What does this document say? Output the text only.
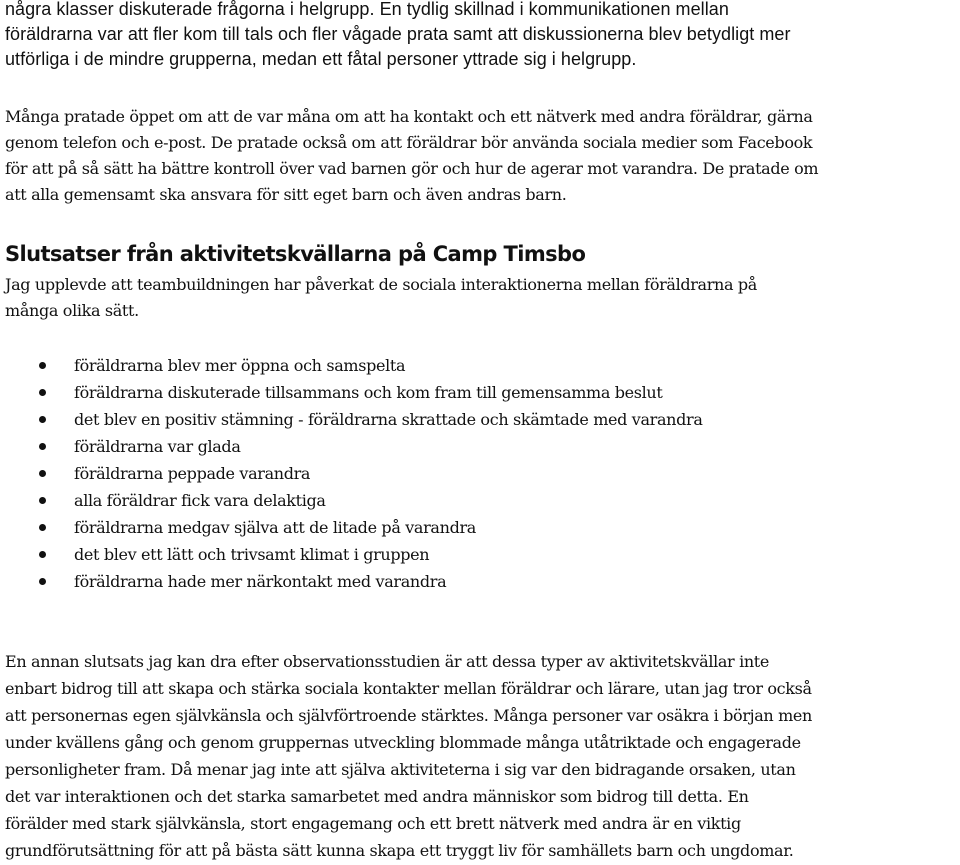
några klasser diskuterade frågorna i helgrupp. En tydlig skillnad i kommunikationen mellan
föräldrarna var att fler kom till tals och fler vågade prata samt att diskussionerna blev betydligt mer
utförliga i de mindre grupperna, medan ett fåtal personer yttrade sig i helgrupp.

Många pratade öppet om att de var måna om att ha kontakt och ett nätverk med andra föräldrar, gärna
genom telefon och e-post. De pratade också om att föräldrar bör använda sociala medier som Facebook
för att på så sätt ha bättre kontroll över vad barnen gör och hur de agerar mot varandra. De pratade om
att alla gemensamt ska ansvara för sitt eget barn och även andras barn.

Slutsatser från aktivitetskvällarna på Camp Timsbo

Jag upplevde att teambuildningen har påverkat de sociala interaktionerna mellan föräldrarna på
många olika sätt.

föräldrarna blev mer öppna och samspelta
föräldrarna diskuterade tillsammans och kom fram till gemensamma beslut
det blev en positiv stämning - föräldrarna skrattade och skämtade med varandra
föräldrarna var glada
föräldrarna peppade varandra
alla föräldrar fick vara delaktiga
föräldrarna medgav själva att de litade på varandra
det blev ett lätt och trivsamt klimat i gruppen
föräldrarna hade mer närkontakt med varandra

En annan slutsats jag kan dra efter observationsstudien är att dessa typer av aktivitetskvällar inte
enbart bidrog till att skapa och stärka sociala kontakter mellan föräldrar och lärare, utan jag tror också
att personernas egen självkänsla och självförtroende stärktes. Många personer var osäkra i början men
under kvällens gång och genom gruppernas utveckling blommade många utåtriktade och engagerade
personligheter fram. Då menar jag inte att själva aktiviteterna i sig var den bidragande orsaken, utan
det var interaktionen och det starka samarbetet med andra människor som bidrog till detta. En
förälder med stark självkänsla, stort engagemang och ett brett nätverk med andra är en viktig
grundförutsättning för att på bästa sätt kunna skapa ett tryggt liv för samhällets barn och ungdomar.
